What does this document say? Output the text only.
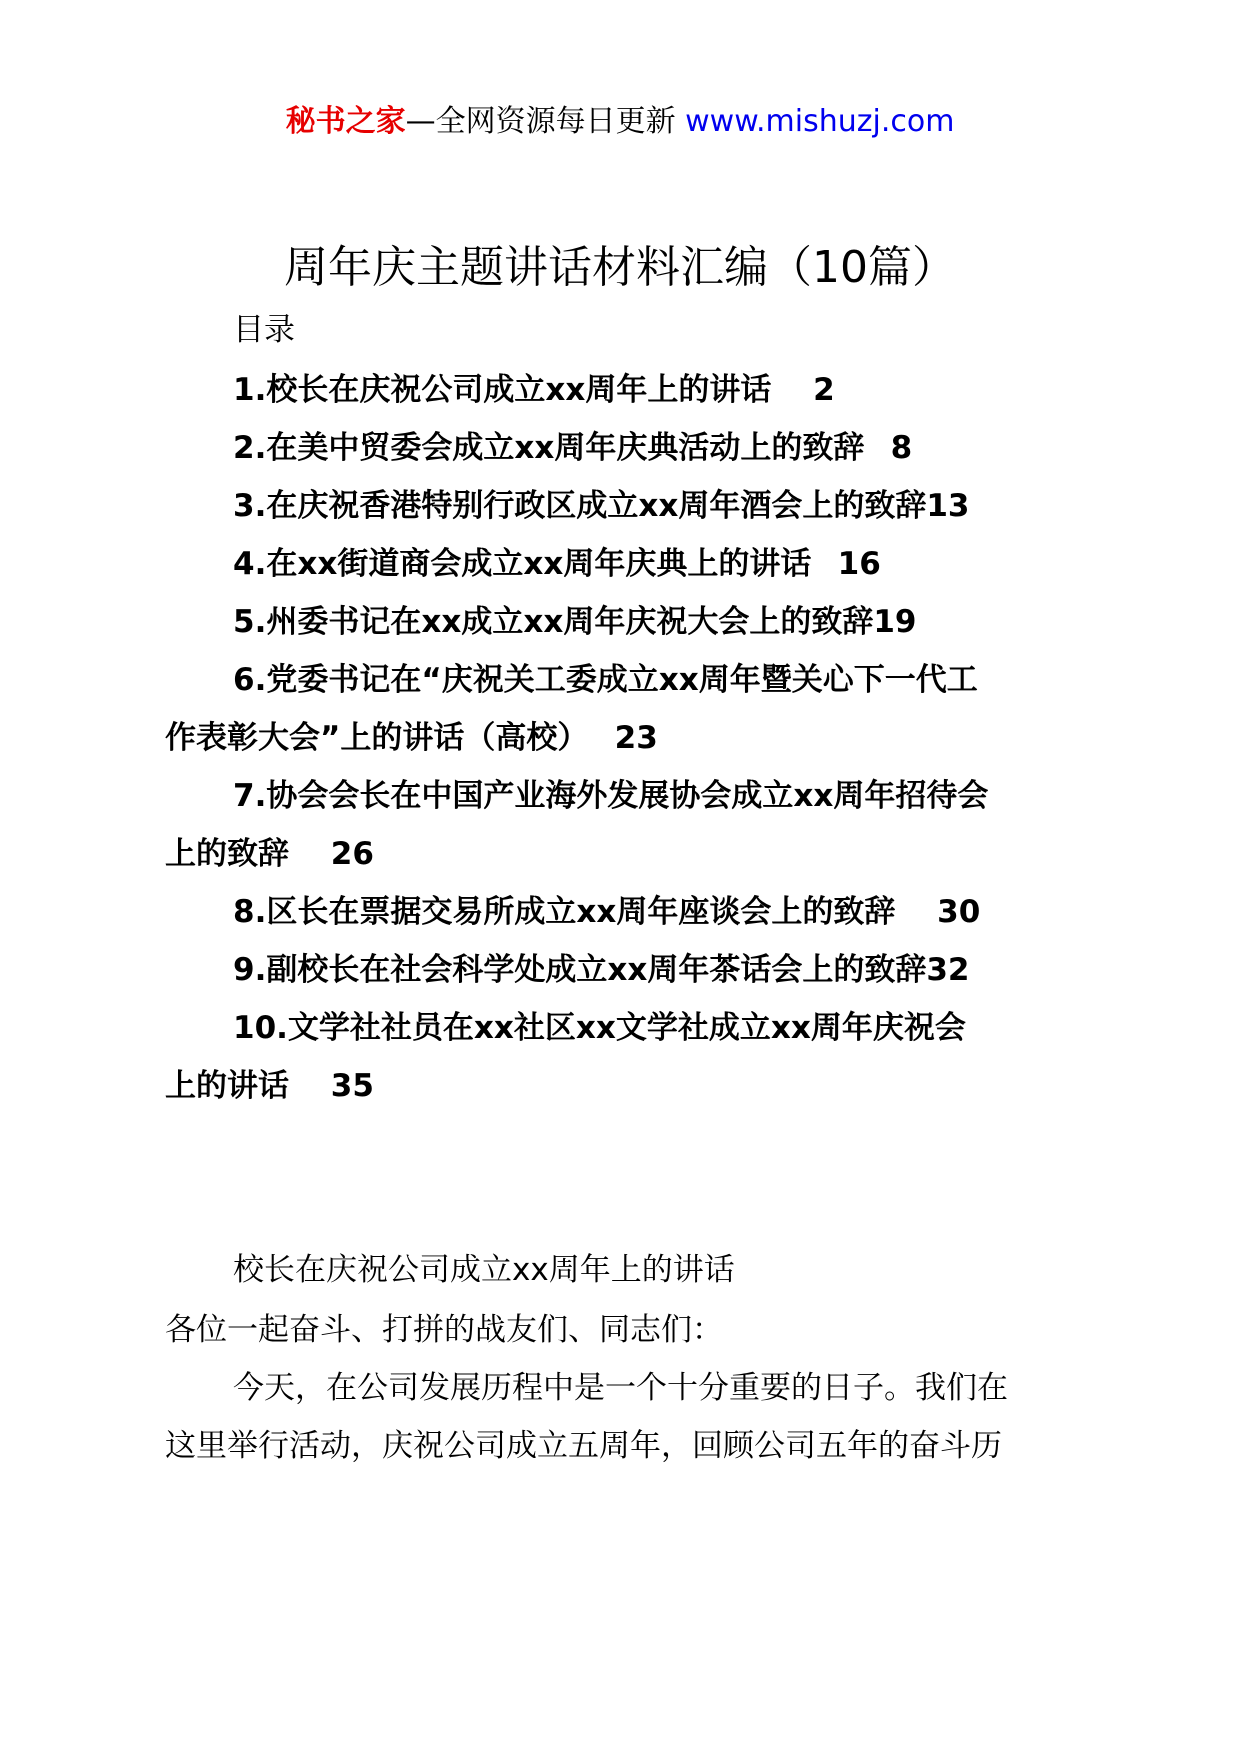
秘书之家—全网资源每日更新 www.mishuzj.com
周年庆主题讲话材料汇编（10篇）
目录
1.校长在庆祝公司成立xx周年上的讲话　 2
2.在美中贸委会成立xx周年庆典活动上的致辞  8
3.在庆祝香港特别行政区成立xx周年酒会上的致辞13
4.在xx街道商会成立xx周年庆典上的讲话  16
5.州委书记在xx成立xx周年庆祝大会上的致辞19
6.党委书记在“庆祝关工委成立xx周年暨关心下一代工
作表彰大会”上的讲话（高校）  23
7.协会会长在中国产业海外发展协会成立xx周年招待会
上的致辞　 26
8.区长在票据交易所成立xx周年座谈会上的致辞　 30
9.副校长在社会科学处成立xx周年茶话会上的致辞32
10.文学社社员在xx社区xx文学社成立xx周年庆祝会
上的讲话　 35
校长在庆祝公司成立xx周年上的讲话
各位一起奋斗、打拼的战友们、同志们：
今天，在公司发展历程中是一个十分重要的日子。我们在
这里举行活动，庆祝公司成立五周年，回顾公司五年的奋斗历
